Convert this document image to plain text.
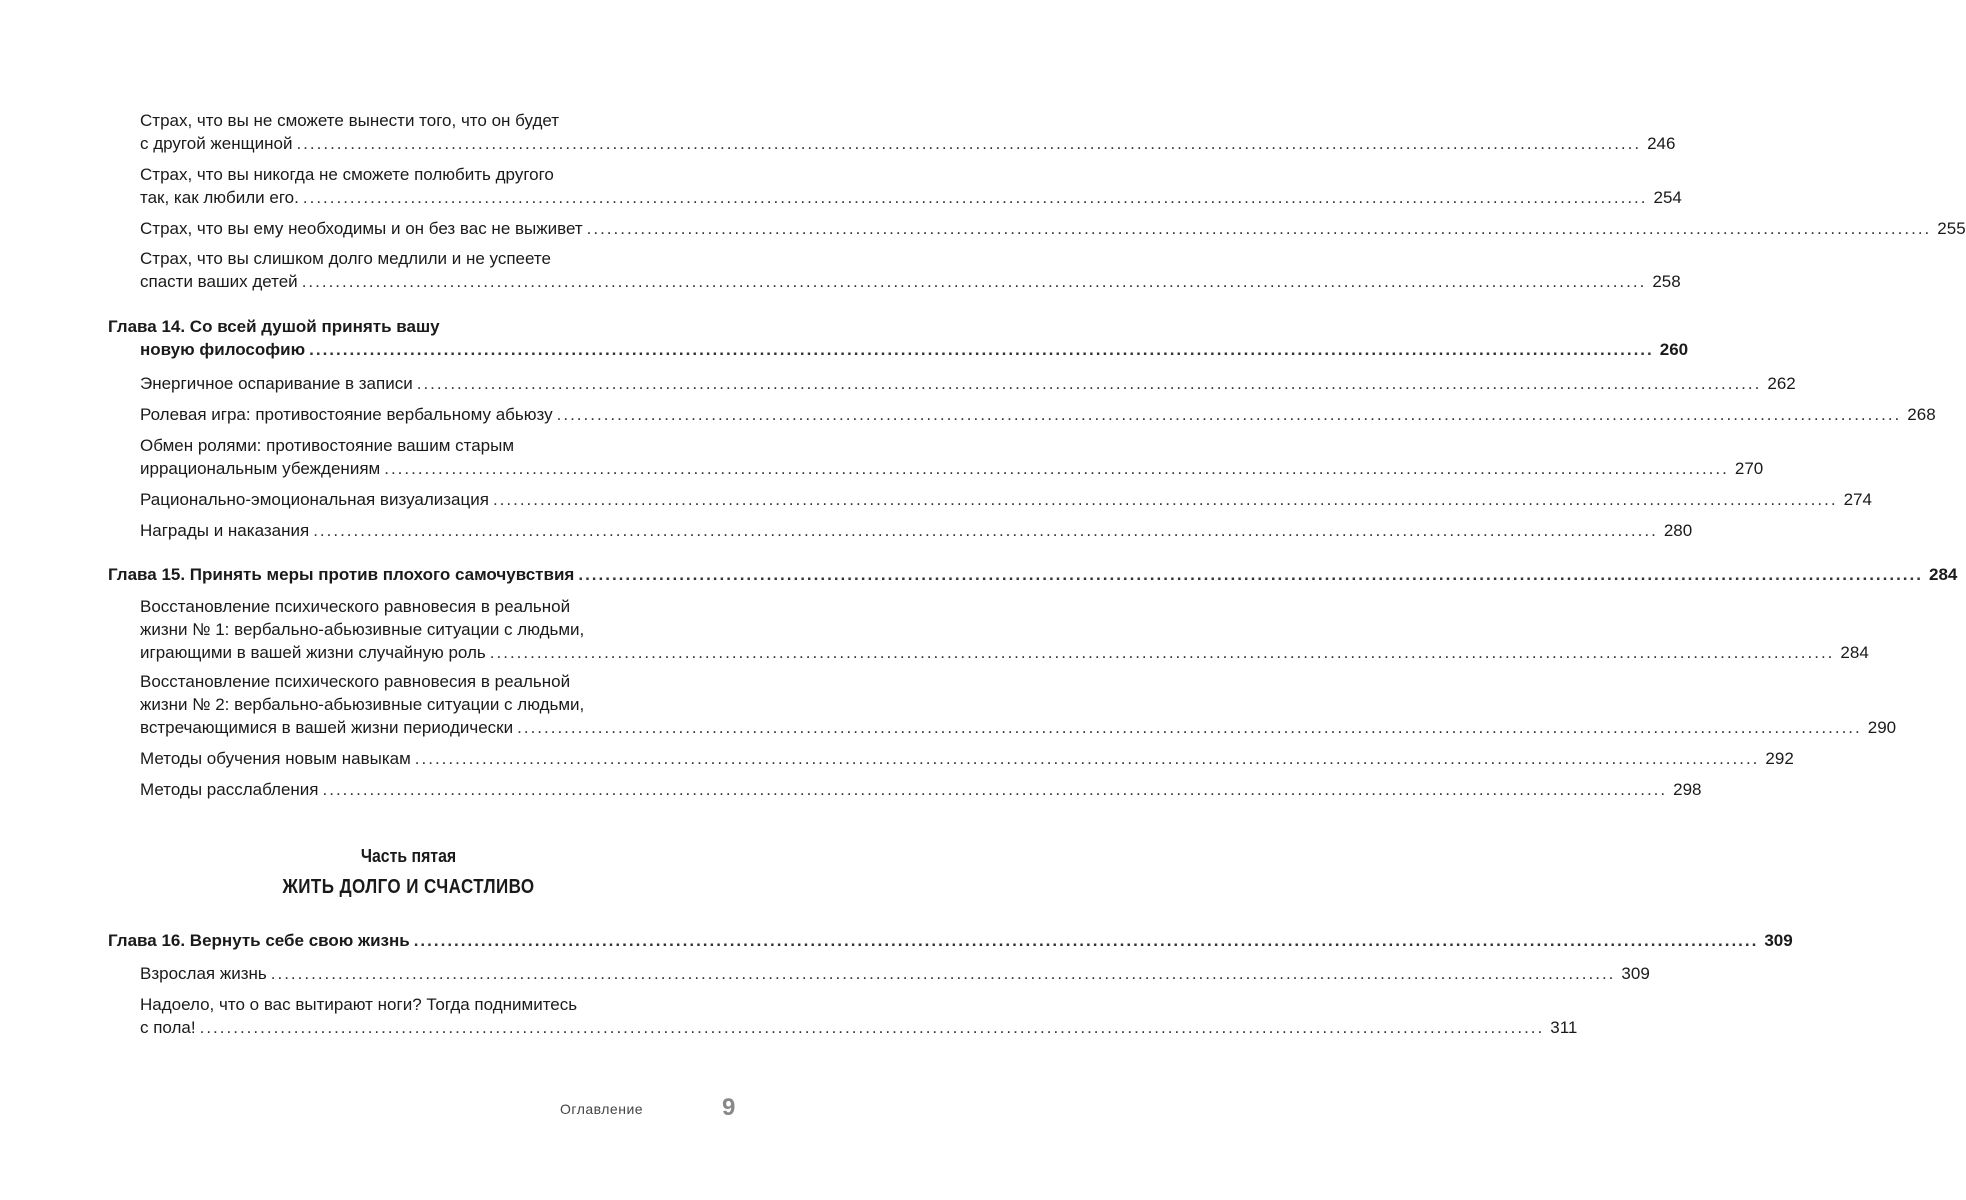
Страх, что вы не сможете вынести того, что он будет
с другой женщиной ........................................................................................................................................................................................................ 246
Страх, что вы никогда не сможете полюбить другого
так, как любили его. ........................................................................................................................................................................................................ 254
Страх, что вы ему необходимы и он без вас не выживет ........................................................................................................................................................................................................ 255
Страх, что вы слишком долго медлили и не успеете
спасти ваших детей ........................................................................................................................................................................................................ 258
Глава 14. Со всей душой принять вашу
новую философию ........................................................................................................................................................................................................ 260
Энергичное оспаривание в записи ........................................................................................................................................................................................................ 262
Ролевая игра: противостояние вербальному абьюзу ........................................................................................................................................................................................................ 268
Обмен ролями: противостояние вашим старым
иррациональным убеждениям ........................................................................................................................................................................................................ 270
Рационально-эмоциональная визуализация ........................................................................................................................................................................................................ 274
Награды и наказания ........................................................................................................................................................................................................ 280
Глава 15. Принять меры против плохого самочувствия ........................................................................................................................................................................................................ 284
Восстановление психического равновесия в реальной
жизни № 1: вербально-абьюзивные ситуации с людьми,
играющими в вашей жизни случайную роль ........................................................................................................................................................................................................ 284
Восстановление психического равновесия в реальной
жизни № 2: вербально-абьюзивные ситуации с людьми,
встречающимися в вашей жизни периодически ........................................................................................................................................................................................................ 290
Методы обучения новым навыкам ........................................................................................................................................................................................................ 292
Методы расслабления ........................................................................................................................................................................................................ 298
Часть пятая
ЖИТЬ ДОЛГО И СЧАСТЛИВО
Глава 16. Вернуть себе свою жизнь ........................................................................................................................................................................................................ 309
Взрослая жизнь ........................................................................................................................................................................................................ 309
Надоело, что о вас вытирают ноги? Тогда поднимитесь
с пола! ........................................................................................................................................................................................................ 311
Оглавление	9
